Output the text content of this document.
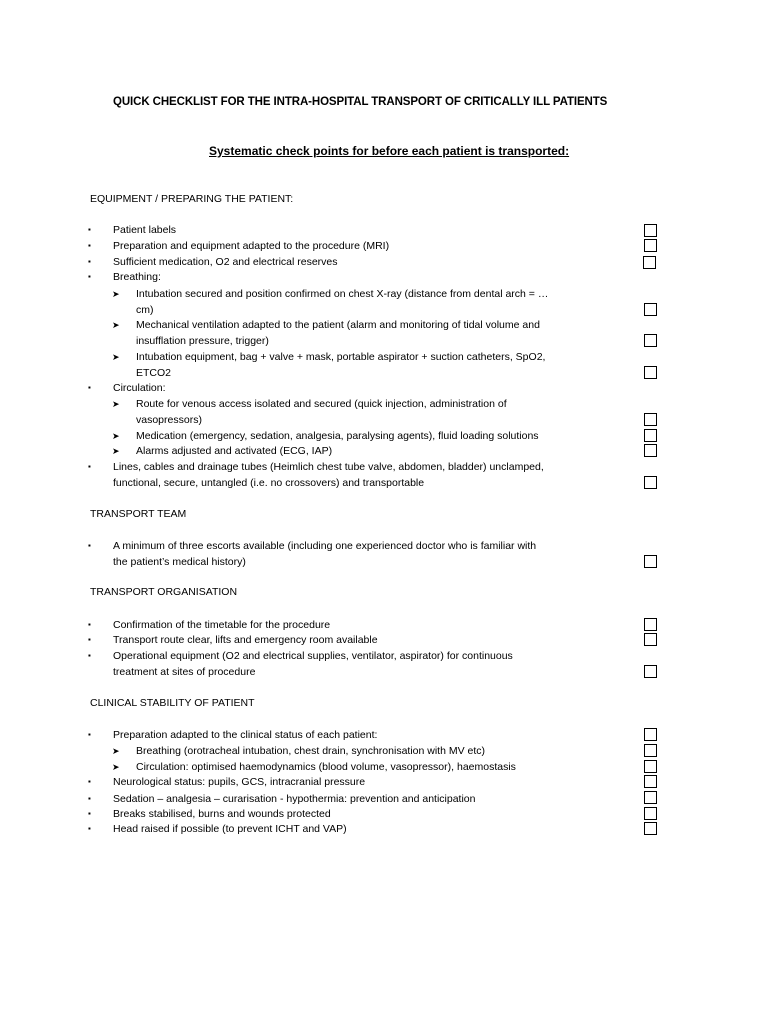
QUICK CHECKLIST FOR THE INTRA-HOSPITAL TRANSPORT OF CRITICALLY ILL PATIENTS
Systematic check points for before each patient is transported:
EQUIPMENT / PREPARING THE PATIENT:
▪ Patient labels
▪ Preparation and equipment adapted to the procedure (MRI)
▪ Sufficient medication, O2 and electrical reserves
▪ Breathing:
➤ Intubation secured and position confirmed on chest X-ray (distance from dental arch = …
cm)
➤ Mechanical ventilation adapted to the patient (alarm and monitoring of tidal volume and
insufflation pressure, trigger)
➤ Intubation equipment, bag + valve + mask, portable aspirator + suction catheters, SpO2,
ETCO2
▪ Circulation:
➤ Route for venous access isolated and secured (quick injection, administration of
vasopressors)
➤ Medication (emergency, sedation, analgesia, paralysing agents), fluid loading solutions
➤ Alarms adjusted and activated (ECG, IAP)
▪ Lines, cables and drainage tubes (Heimlich chest tube valve, abdomen, bladder) unclamped,
functional, secure, untangled (i.e. no crossovers) and transportable
TRANSPORT TEAM
▪ A minimum of three escorts available (including one experienced doctor who is familiar with
the patient’s medical history)
TRANSPORT ORGANISATION
▪ Confirmation of the timetable for the procedure
▪ Transport route clear, lifts and emergency room available
▪ Operational equipment (O2 and electrical supplies, ventilator, aspirator) for continuous
treatment at sites of procedure
CLINICAL STABILITY OF PATIENT
▪ Preparation adapted to the clinical status of each patient:
➤ Breathing (orotracheal intubation, chest drain, synchronisation with MV etc)
➤ Circulation: optimised haemodynamics (blood volume, vasopressor), haemostasis
▪ Neurological status: pupils, GCS, intracranial pressure
▪ Sedation – analgesia – curarisation - hypothermia: prevention and anticipation
▪ Breaks stabilised, burns and wounds protected
▪ Head raised if possible (to prevent ICHT and VAP)
